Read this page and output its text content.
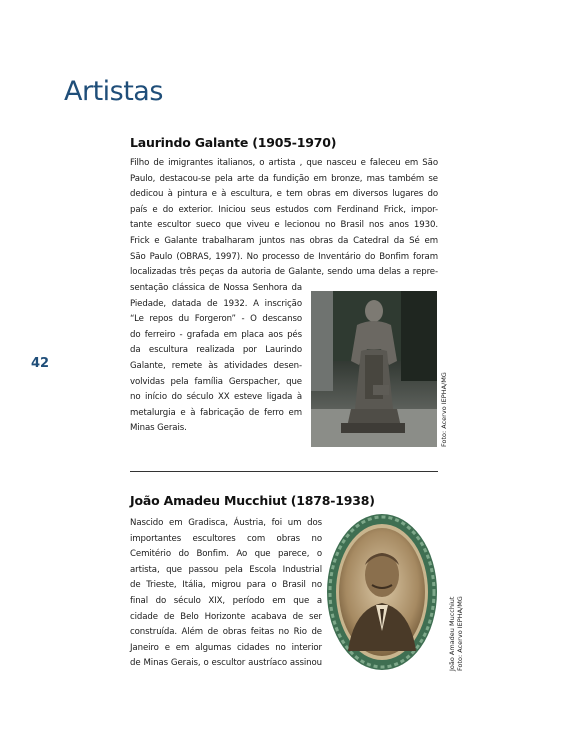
Artistas
42
Laurindo Galante (1905-1970)
Filho de imigrantes italianos, o artista , que nasceu e faleceu em São
Paulo, destacou-se pela arte da fundição em bronze, mas também se
dedicou à pintura e à escultura, e tem obras em diversos lugares do
país e do exterior. Iniciou seus estudos com Ferdinand Frick, impor-
tante escultor sueco que viveu e lecionou no Brasil nos anos 1930.
Frick e Galante trabalharam juntos nas obras da Catedral da Sé em
São Paulo (OBRAS, 1997). No processo de Inventário do Bonfim foram
localizadas três peças da autoria de Galante, sendo uma delas a repre-
sentação clássica de Nossa Senhora da
Piedade, datada de 1932. A inscrição
“Le repos du Forgeron” - O descanso
do ferreiro - grafada em placa aos pés
da escultura realizada por Laurindo
Galante, remete às atividades desen-
volvidas pela família Gerspacher, que
no início do século XX esteve ligada à
metalurgia e à fabricação de ferro em
Minas Gerais.	Foto: Acervo IEPHA/MG
João Amadeu Mucchiut (1878-1938)
Nascido em Gradisca, Áustria, foi um dos
importantes escultores com obras no
Cemitério do Bonfim. Ao que parece, o
artista, que passou pela Escola Industrial
de Trieste, Itália, migrou para o Brasil no
final do século XIX, período em que a
cidade de Belo Horizonte acabava de ser
construída. Além de obras feitas no Rio de
Janeiro e em algumas cidades no interior
de Minas Gerais, o escultor austríaco assinou	João Amadeu Mucchiut Foto: Acervo IEPHA/MG
